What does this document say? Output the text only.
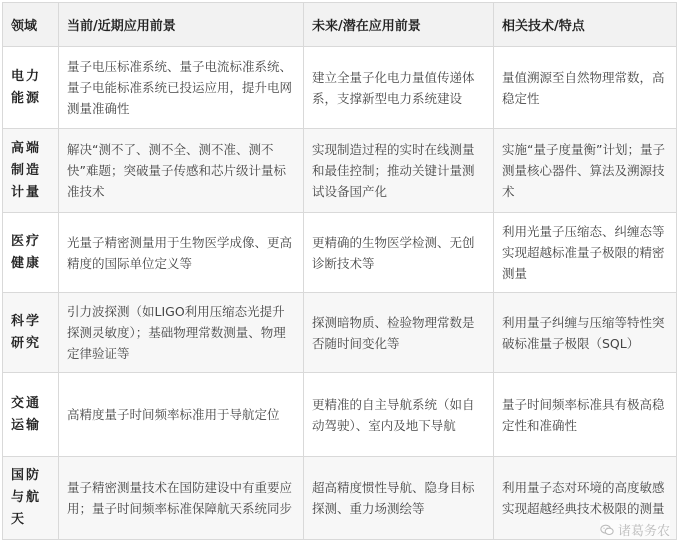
领域	当前/近期应用前景	未来/潜在应用前景	相关技术/特点
电力能源	量子电压标准系统、量子电流标准系统、量子电能标准系统已投运应用，提升电网测量准确性	建立全量子化电力量值传递体系，支撑新型电力系统建设	量值溯源至自然物理常数，高稳定性
高端制造计量	解决“测不了、测不全、测不准、测不快”难题；突破量子传感和芯片级计量标准技术	实现制造过程的实时在线测量和最佳控制；推动关键计量测试设备国产化	实施“量子度量衡”计划；量子测量核心器件、算法及溯源技术
医疗健康	光量子精密测量用于生物医学成像、更高精度的国际单位定义等	更精确的生物医学检测、无创诊断技术等	利用光量子压缩态、纠缠态等实现超越标准量子极限的精密测量
科学研究	引力波探测（如LIGO利用压缩态光提升探测灵敏度）；基础物理常数测量、物理定律验证等	探测暗物质、检验物理常数是否随时间变化等	利用量子纠缠与压缩等特性突破标准量子极限（SQL）
交通运输	高精度量子时间频率标准用于导航定位	更精准的自主导航系统（如自动驾驶）、室内及地下导航	量子时间频率标准具有极高稳定性和准确性
国防与航天	量子精密测量技术在国防建设中有重要应用；量子时间频率标准保障航天系统同步	超高精度惯性导航、隐身目标探测、重力场测绘等	利用量子态对环境的高度敏感实现超越经典技术极限的测量
诸葛务农
